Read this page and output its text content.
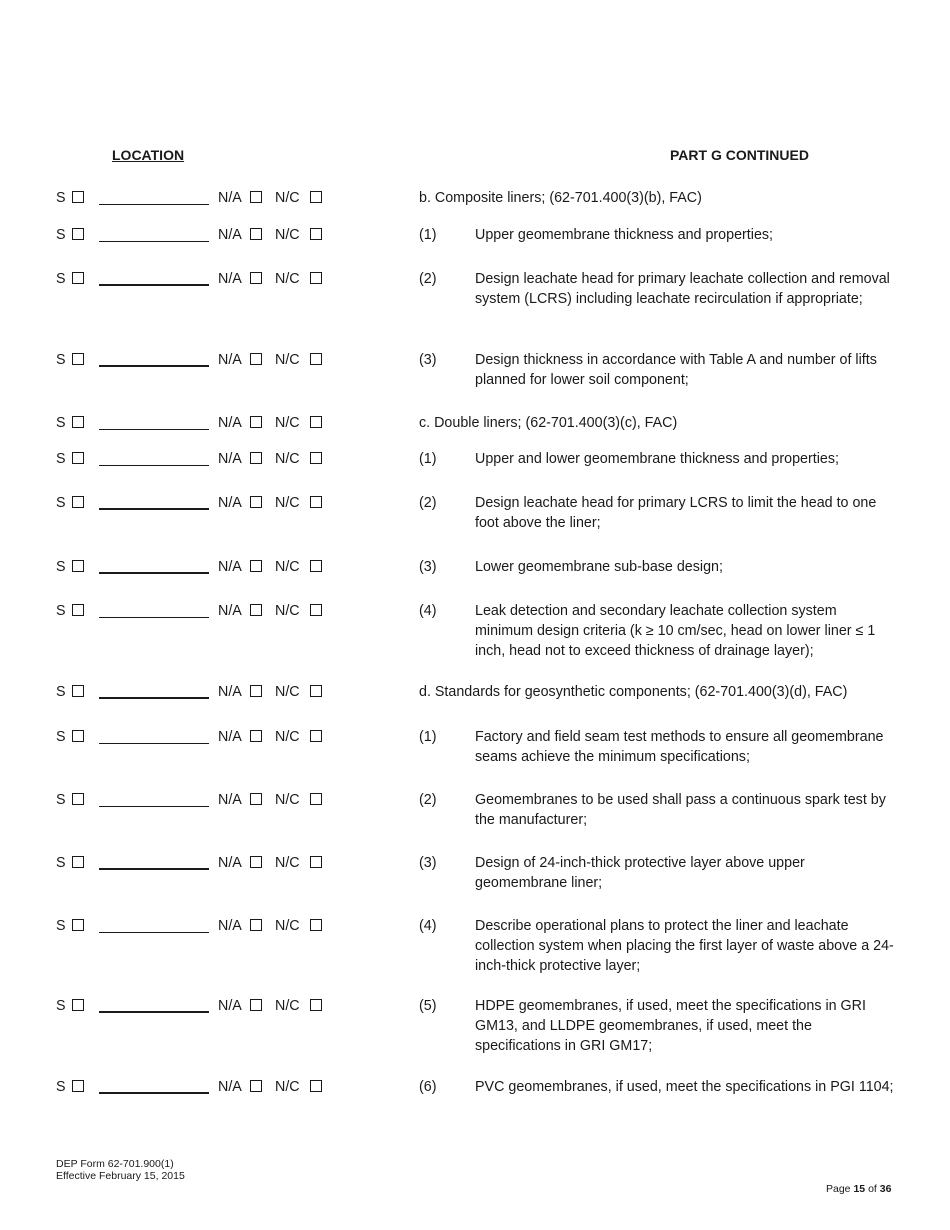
LOCATION	PART G CONTINUED
S	N/A N/C	b. Composite liners; (62-701.400(3)(b), FAC)
S	N/A N/C	(1)	Upper geomembrane thickness and properties;
S	N/A N/C	(2)	Design leachate head for primary leachate collection and removal system (LCRS) including leachate recirculation if appropriate;
S	N/A N/C	(3)	Design thickness in accordance with Table A and number of lifts planned for lower soil component;
S	N/A N/C	c. Double liners; (62-701.400(3)(c), FAC)
S	N/A N/C	(1)	Upper and lower geomembrane thickness and properties;
S	N/A N/C	(2)	Design leachate head for primary LCRS to limit the head to one foot above the liner;
S	N/A N/C	(3)	Lower geomembrane sub-base design;
S	N/A N/C	(4)	Leak detection and secondary leachate collection system minimum design criteria (k ≥ 10 cm/sec, head on lower liner ≤ 1 inch, head not to exceed thickness of drainage layer);
S	N/A N/C	d. Standards for geosynthetic components; (62-701.400(3)(d), FAC)
S	N/A N/C	(1)	Factory and field seam test methods to ensure all geomembrane seams achieve the minimum specifications;
S	N/A N/C	(2)	Geomembranes to be used shall pass a continuous spark test by the manufacturer;
S	N/A N/C	(3)	Design of 24-inch-thick protective layer above upper geomembrane liner;
S	N/A N/C	(4)	Describe operational plans to protect the liner and leachate collection system when placing the first layer of waste above a 24-inch-thick protective layer;
S	N/A N/C	(5)	HDPE geomembranes, if used, meet the specifications in GRI GM13, and LLDPE geomembranes, if used, meet the specifications in GRI GM17;
S	N/A N/C	(6)	PVC geomembranes, if used, meet the specifications in PGI 1104;
DEP Form 62-701.900(1)
Effective February 15, 2015
Page 15 of 36
